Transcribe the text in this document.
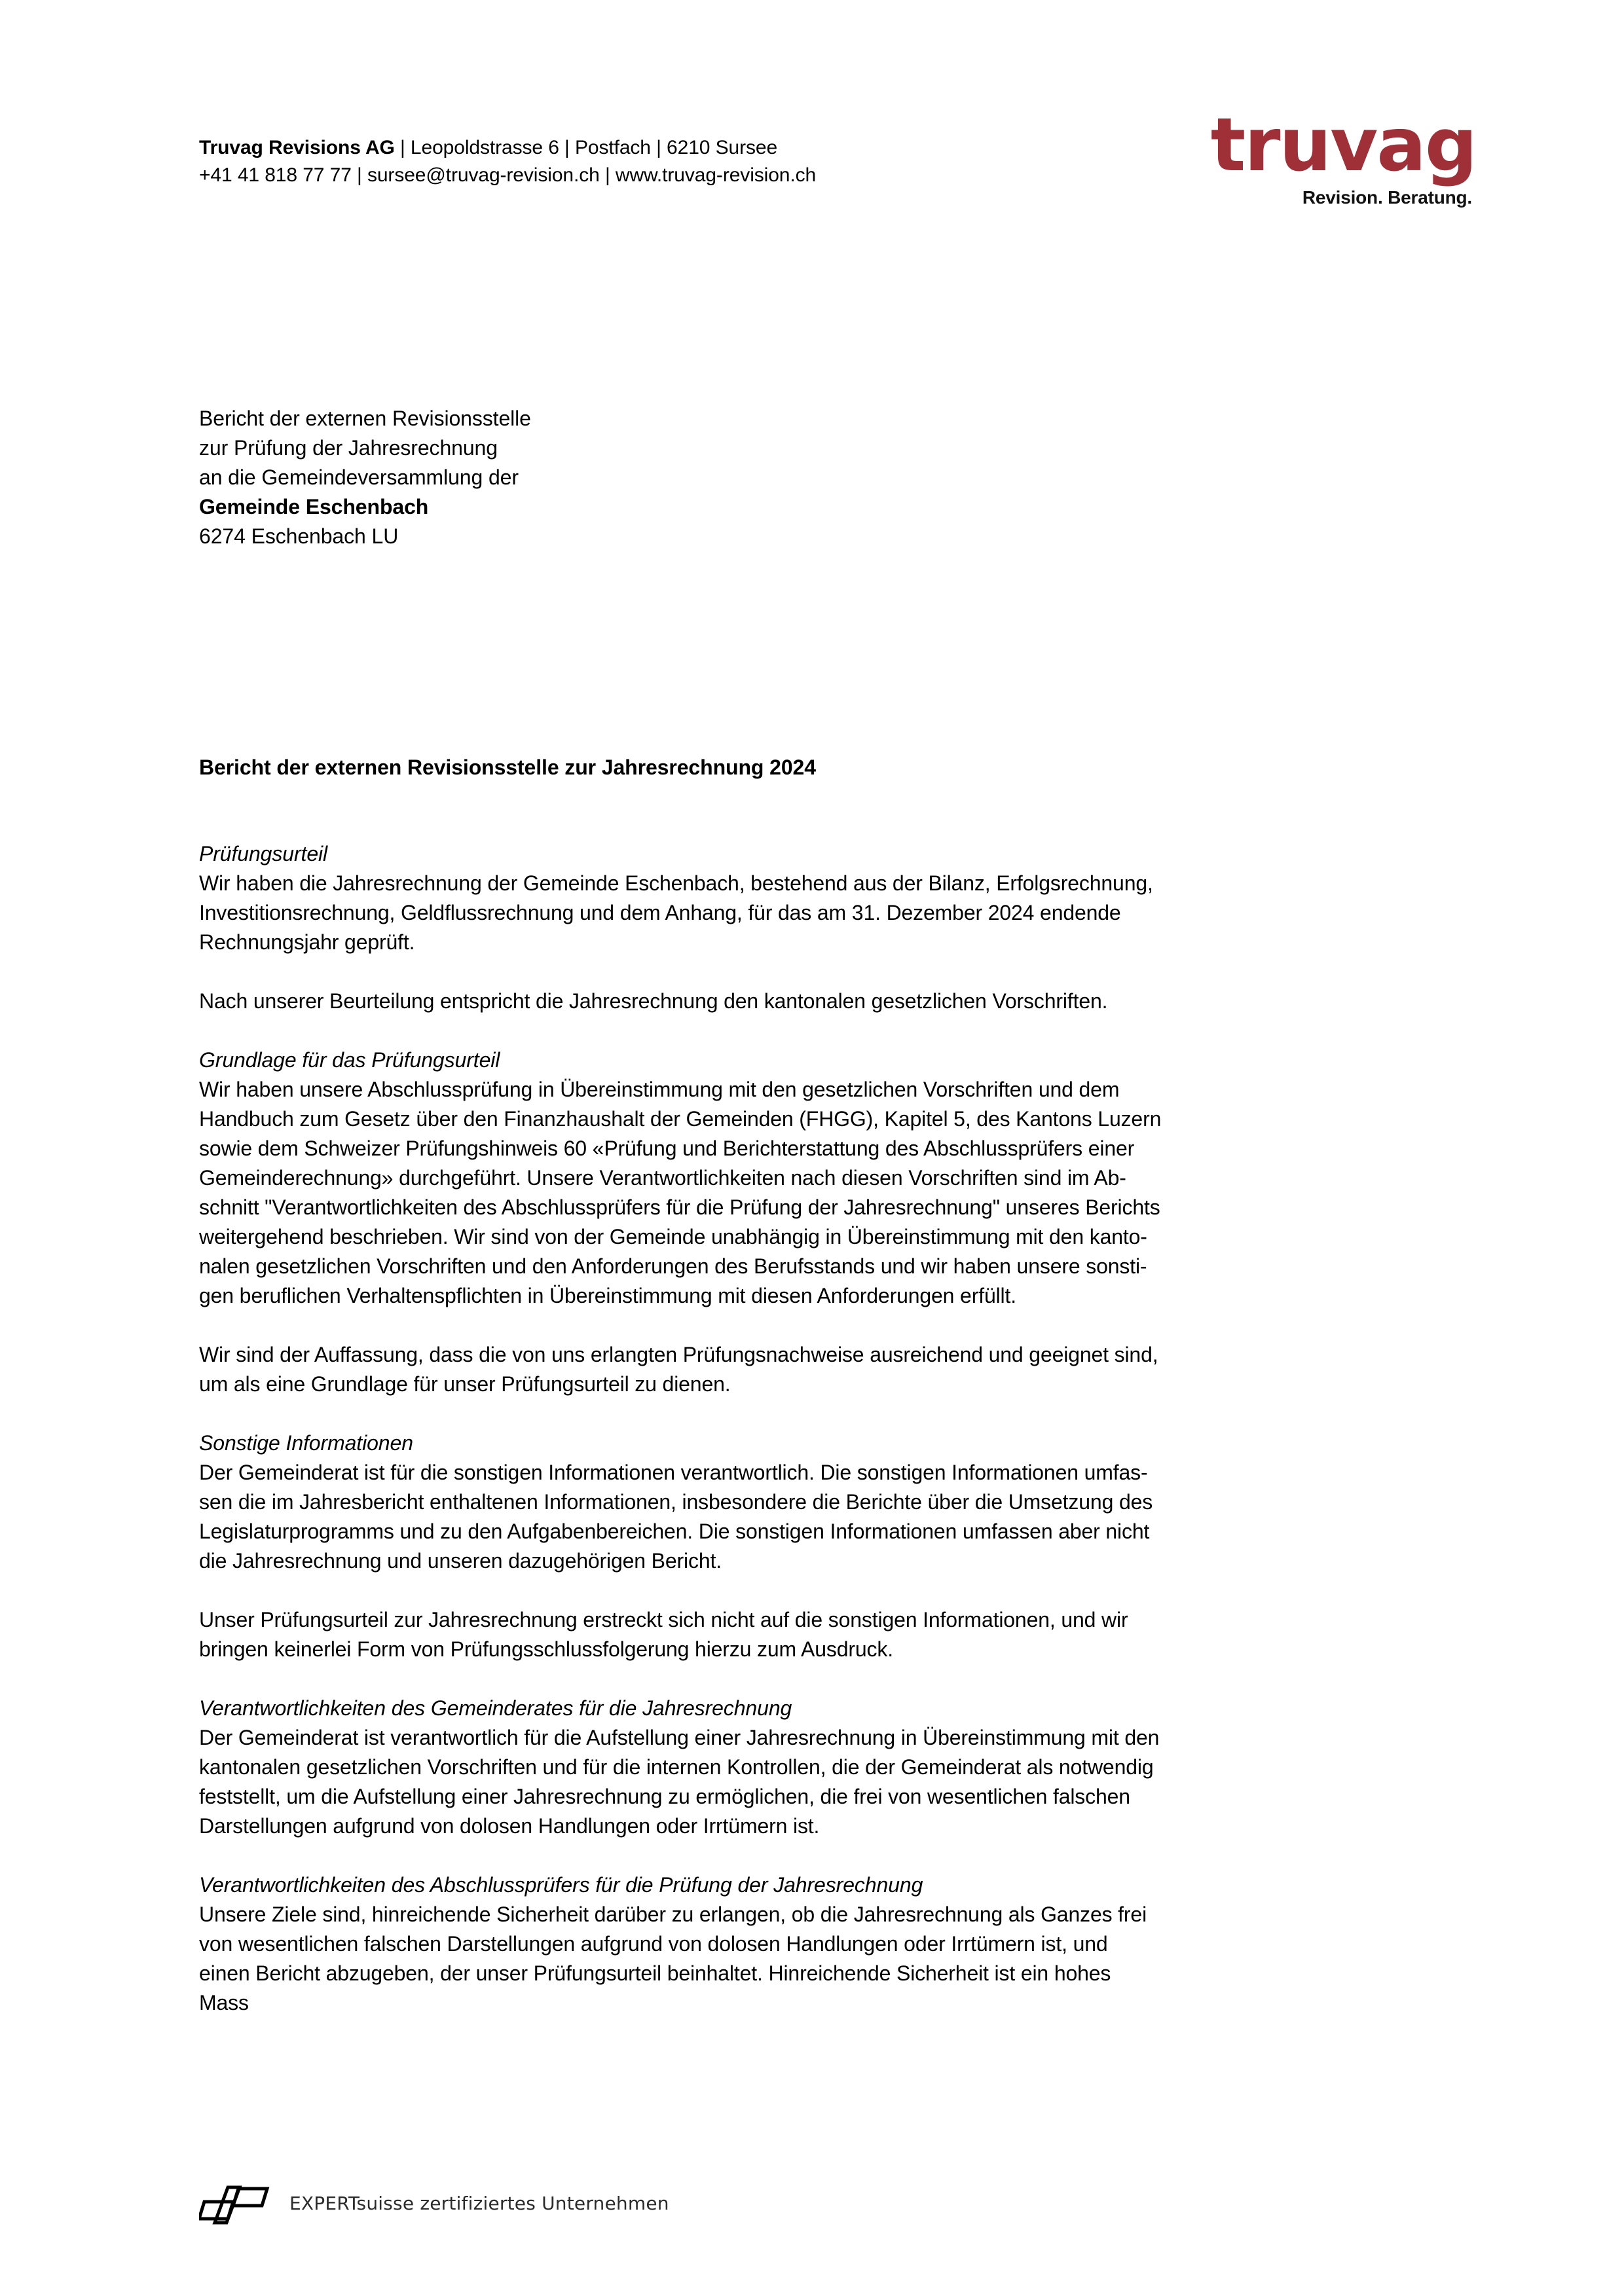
Truvag Revisions AG | Leopoldstrasse 6 | Postfach | 6210 Sursee
+41 41 818 77 77 | sursee@truvag-revision.ch | www.truvag-revision.ch	truvag
Revision. Beratung.
Bericht der externen Revisionsstelle
zur Prüfung der Jahresrechnung
an die Gemeindeversammlung der
Gemeinde Eschenbach
6274 Eschenbach LU
Bericht der externen Revisionsstelle zur Jahresrechnung 2024
Prüfungsurteil

Wir haben die Jahresrechnung der Gemeinde Eschenbach, bestehend aus der Bilanz, Erfolgsrechnung,
Investitionsrechnung, Geldflussrechnung und dem Anhang, für das am 31. Dezember 2024 endende
Rechnungsjahr geprüft.

Nach unserer Beurteilung entspricht die Jahresrechnung den kantonalen gesetzlichen Vorschriften.

Grundlage für das Prüfungsurteil

Wir haben unsere Abschlussprüfung in Übereinstimmung mit den gesetzlichen Vorschriften und dem
Handbuch zum Gesetz über den Finanzhaushalt der Gemeinden (FHGG), Kapitel 5, des Kantons Luzern
sowie dem Schweizer Prüfungshinweis 60 «Prüfung und Berichterstattung des Abschlussprüfers einer
Gemeinderechnung» durchgeführt. Unsere Verantwortlichkeiten nach diesen Vorschriften sind im Ab-
schnitt "Verantwortlichkeiten des Abschlussprüfers für die Prüfung der Jahresrechnung" unseres Berichts
weitergehend beschrieben. Wir sind von der Gemeinde unabhängig in Übereinstimmung mit den kanto-
nalen gesetzlichen Vorschriften und den Anforderungen des Berufsstands und wir haben unsere sonsti-
gen beruflichen Verhaltenspflichten in Übereinstimmung mit diesen Anforderungen erfüllt.

Wir sind der Auffassung, dass die von uns erlangten Prüfungsnachweise ausreichend und geeignet sind,
um als eine Grundlage für unser Prüfungsurteil zu dienen.

Sonstige Informationen

Der Gemeinderat ist für die sonstigen Informationen verantwortlich. Die sonstigen Informationen umfas-
sen die im Jahresbericht enthaltenen Informationen, insbesondere die Berichte über die Umsetzung des
Legislaturprogramms und zu den Aufgabenbereichen. Die sonstigen Informationen umfassen aber nicht
die Jahresrechnung und unseren dazugehörigen Bericht.

Unser Prüfungsurteil zur Jahresrechnung erstreckt sich nicht auf die sonstigen Informationen, und wir
bringen keinerlei Form von Prüfungsschlussfolgerung hierzu zum Ausdruck.

Verantwortlichkeiten des Gemeinderates für die Jahresrechnung

Der Gemeinderat ist verantwortlich für die Aufstellung einer Jahresrechnung in Übereinstimmung mit den
kantonalen gesetzlichen Vorschriften und für die internen Kontrollen, die der Gemeinderat als notwendig
feststellt, um die Aufstellung einer Jahresrechnung zu ermöglichen, die frei von wesentlichen falschen
Darstellungen aufgrund von dolosen Handlungen oder Irrtümern ist.

Verantwortlichkeiten des Abschlussprüfers für die Prüfung der Jahresrechnung

Unsere Ziele sind, hinreichende Sicherheit darüber zu erlangen, ob die Jahresrechnung als Ganzes frei
von wesentlichen falschen Darstellungen aufgrund von dolosen Handlungen oder Irrtümern ist, und
einen Bericht abzugeben, der unser Prüfungsurteil beinhaltet. Hinreichende Sicherheit ist ein hohes
Mass

EXPERTsuisse zertifiziertes Unternehmen
